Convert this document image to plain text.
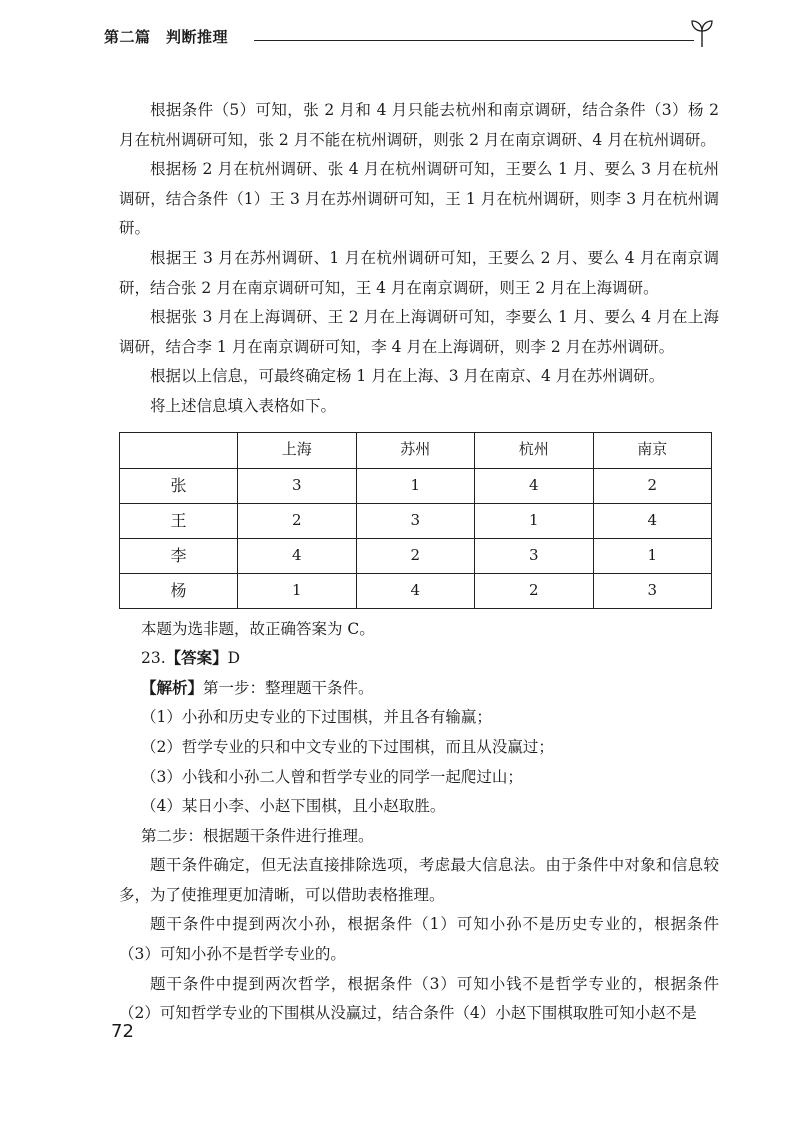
第二篇　判断推理

根据条件（5）可知，张 2 月和 4 月只能去杭州和南京调研，结合条件（3）杨 2 月在杭州调研可知，张 2 月不能在杭州调研，则张 2 月在南京调研、4 月在杭州调研。

根据杨 2 月在杭州调研、张 4 月在杭州调研可知，王要么 1 月、要么 3 月在杭州调研，结合条件（1）王 3 月在苏州调研可知，王 1 月在杭州调研，则李 3 月在杭州调研。

根据王 3 月在苏州调研、1 月在杭州调研可知，王要么 2 月、要么 4 月在南京调研，结合张 2 月在南京调研可知，王 4 月在南京调研，则王 2 月在上海调研。

根据张 3 月在上海调研、王 2 月在上海调研可知，李要么 1 月、要么 4 月在上海调研，结合李 1 月在南京调研可知，李 4 月在上海调研，则李 2 月在苏州调研。

根据以上信息，可最终确定杨 1 月在上海、3 月在南京、4 月在苏州调研。

将上述信息填入表格如下。

	上海	苏州	杭州	南京
张	3	1	4	2
王	2	3	1	4
李	4	2	3	1
杨	1	4	2	3

本题为选非题，故正确答案为 C。

23.【答案】D

【解析】第一步：整理题干条件。

（1）小孙和历史专业的下过围棋，并且各有输赢；

（2）哲学专业的只和中文专业的下过围棋，而且从没赢过；

（3）小钱和小孙二人曾和哲学专业的同学一起爬过山；

（4）某日小李、小赵下围棋，且小赵取胜。

第二步：根据题干条件进行推理。

题干条件确定，但无法直接排除选项，考虑最大信息法。由于条件中对象和信息较多，为了使推理更加清晰，可以借助表格推理。

题干条件中提到两次小孙，根据条件（1）可知小孙不是历史专业的，根据条件（3）可知小孙不是哲学专业的。

题干条件中提到两次哲学，根据条件（3）可知小钱不是哲学专业的，根据条件（2）可知哲学专业的下围棋从没赢过，结合条件（4）小赵下围棋取胜可知小赵不是

72
